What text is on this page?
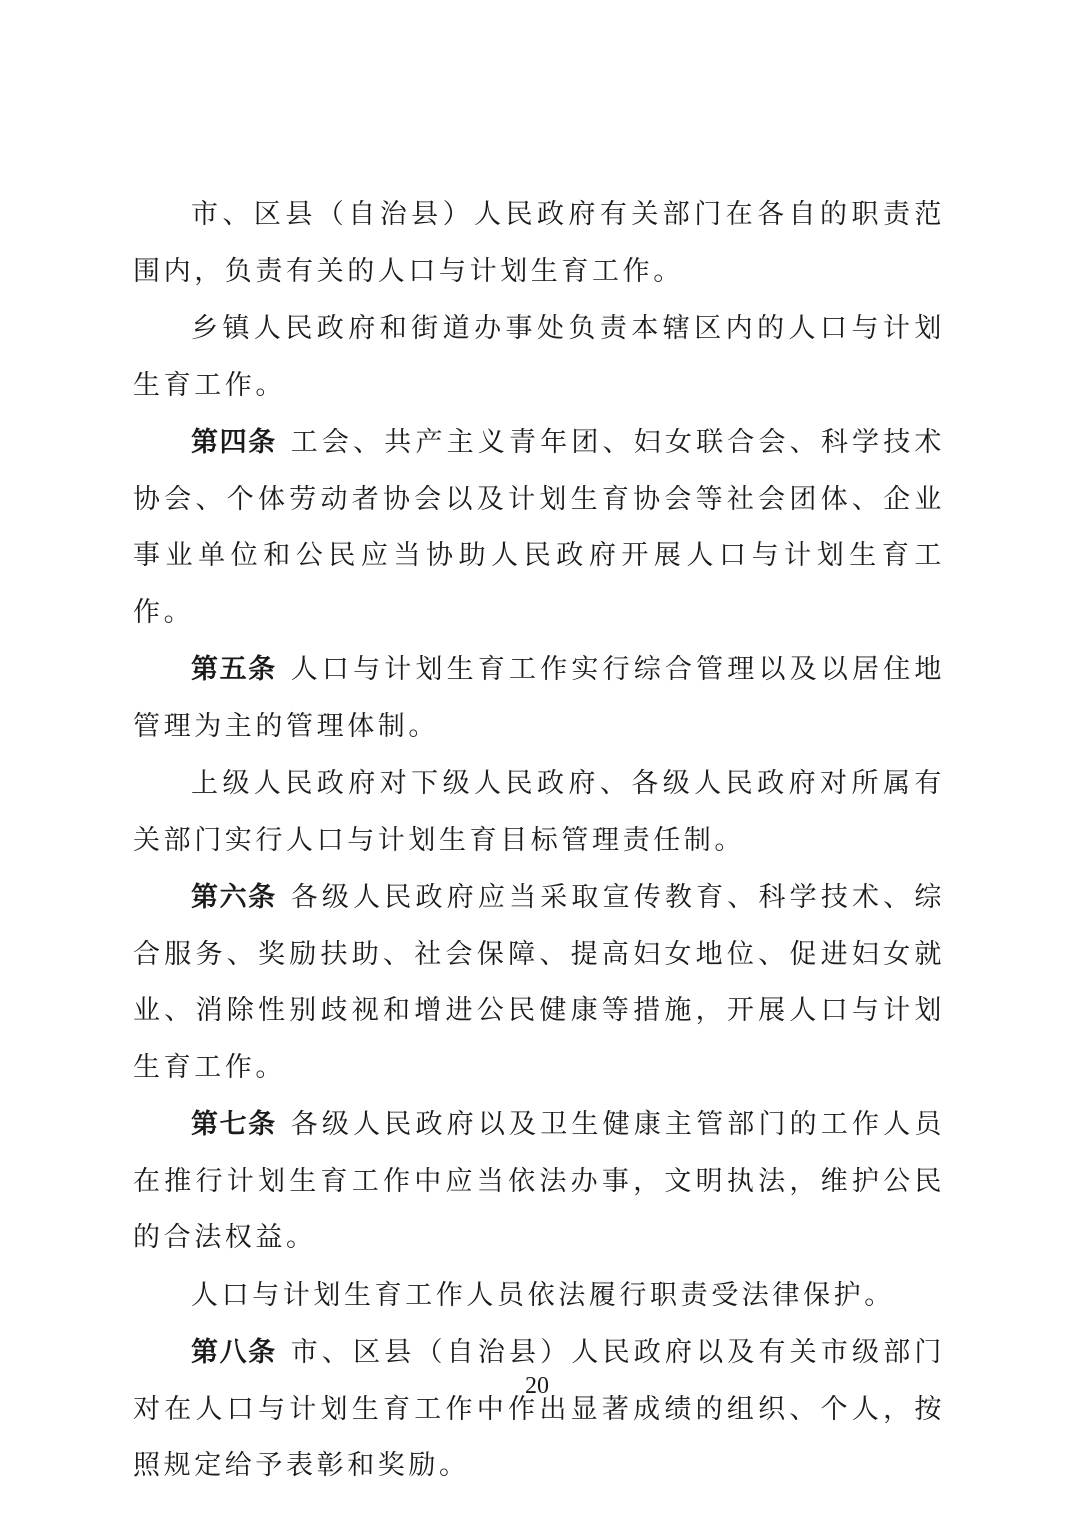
市、区县（自治县）人民政府有关部门在各自的职责范围内，负责有关的人口与计划生育工作。

乡镇人民政府和街道办事处负责本辖区内的人口与计划生育工作。

第四条 工会、共产主义青年团、妇女联合会、科学技术协会、个体劳动者协会以及计划生育协会等社会团体、企业事业单位和公民应当协助人民政府开展人口与计划生育工作。

第五条 人口与计划生育工作实行综合管理以及以居住地管理为主的管理体制。

上级人民政府对下级人民政府、各级人民政府对所属有关部门实行人口与计划生育目标管理责任制。

第六条 各级人民政府应当采取宣传教育、科学技术、综合服务、奖励扶助、社会保障、提高妇女地位、促进妇女就业、消除性别歧视和增进公民健康等措施，开展人口与计划生育工作。

第七条 各级人民政府以及卫生健康主管部门的工作人员在推行计划生育工作中应当依法办事，文明执法，维护公民的合法权益。

人口与计划生育工作人员依法履行职责受法律保护。

第八条 市、区县（自治县）人民政府以及有关市级部门对在人口与计划生育工作中作出显著成绩的组织、个人，按照规定给予表彰和奖励。

20
